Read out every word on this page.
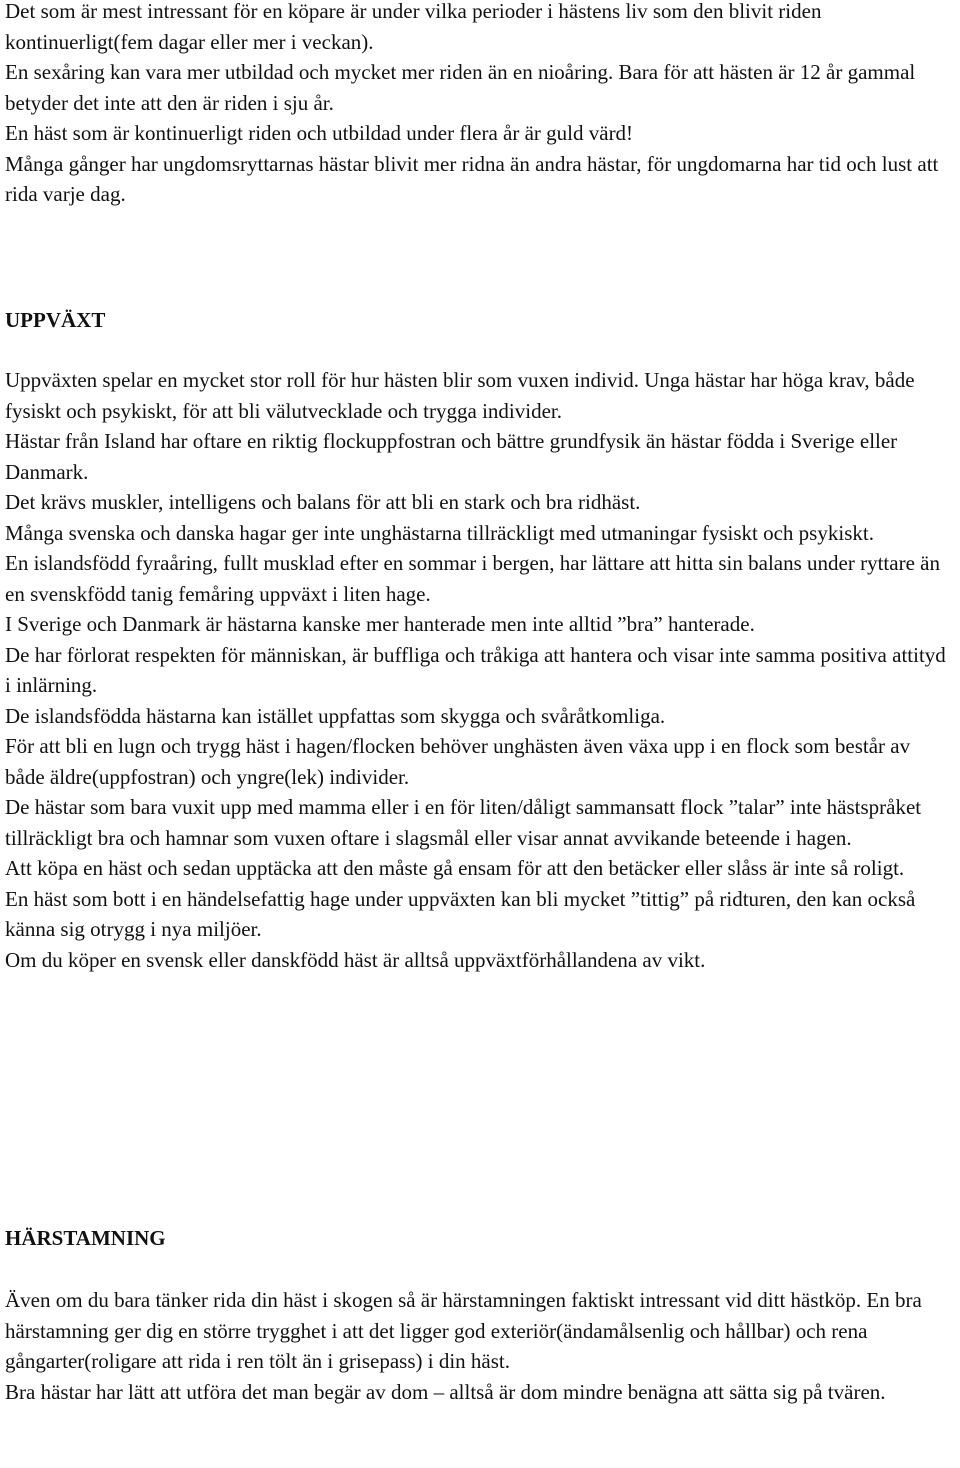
Det som är mest intressant för en köpare är under vilka perioder i hästens liv som den blivit riden kontinuerligt(fem dagar eller mer i veckan).

En sexåring kan vara mer utbildad och mycket mer riden än en nioåring. Bara för att hästen är 12 år gammal betyder det inte att den är riden i sju år.

En häst som är kontinuerligt riden och utbildad under flera år är guld värd!

Många gånger har ungdomsryttarnas hästar blivit mer ridna än andra hästar, för ungdomarna har tid och lust att rida varje dag.

UPPVÄXT

Uppväxten spelar en mycket stor roll för hur hästen blir som vuxen individ. Unga hästar har höga krav, både fysiskt och psykiskt, för att bli välutvecklade och trygga individer.

Hästar från Island har oftare en riktig flockuppfostran och bättre grundfysik än hästar födda i Sverige eller Danmark.

Det krävs muskler, intelligens och balans för att bli en stark och bra ridhäst.

Många svenska och danska hagar ger inte unghästarna tillräckligt med utmaningar fysiskt och psykiskt.

En islandsfödd fyraåring, fullt musklad efter en sommar i bergen, har lättare att hitta sin balans under ryttare än en svenskfödd tanig femåring uppväxt i liten hage.

I Sverige och Danmark är hästarna kanske mer hanterade men inte alltid ”bra” hanterade.

De har förlorat respekten för människan, är buffliga och tråkiga att hantera och visar inte samma positiva attityd i inlärning.

De islandsfödda hästarna kan istället uppfattas som skygga och svåråtkomliga.

För att bli en lugn och trygg häst i hagen/flocken behöver unghästen även växa upp i en flock som består av både äldre(uppfostran) och yngre(lek) individer.

De hästar som bara vuxit upp med mamma eller i en för liten/dåligt sammansatt flock ”talar” inte hästspråket tillräckligt bra och hamnar som vuxen oftare i slagsmål eller visar annat avvikande beteende i hagen.

Att köpa en häst och sedan upptäcka att den måste gå ensam för att den betäcker eller slåss är inte så roligt.

En häst som bott i en händelsefattig hage under uppväxten kan bli mycket ”tittig” på ridturen, den kan också känna sig otrygg i nya miljöer.

Om du köper en svensk eller danskfödd häst är alltså uppväxtförhållandena av vikt.

HÄRSTAMNING

Även om du bara tänker rida din häst i skogen så är härstamningen faktiskt intressant vid ditt hästköp. En bra härstamning ger dig en större trygghet i att det ligger god exteriör(ändamålsenlig och hållbar) och rena gångarter(roligare att rida i ren tölt än i grisepass) i din häst.

Bra hästar har lätt att utföra det man begär av dom – alltså är dom mindre benägna att sätta sig på tvären.
